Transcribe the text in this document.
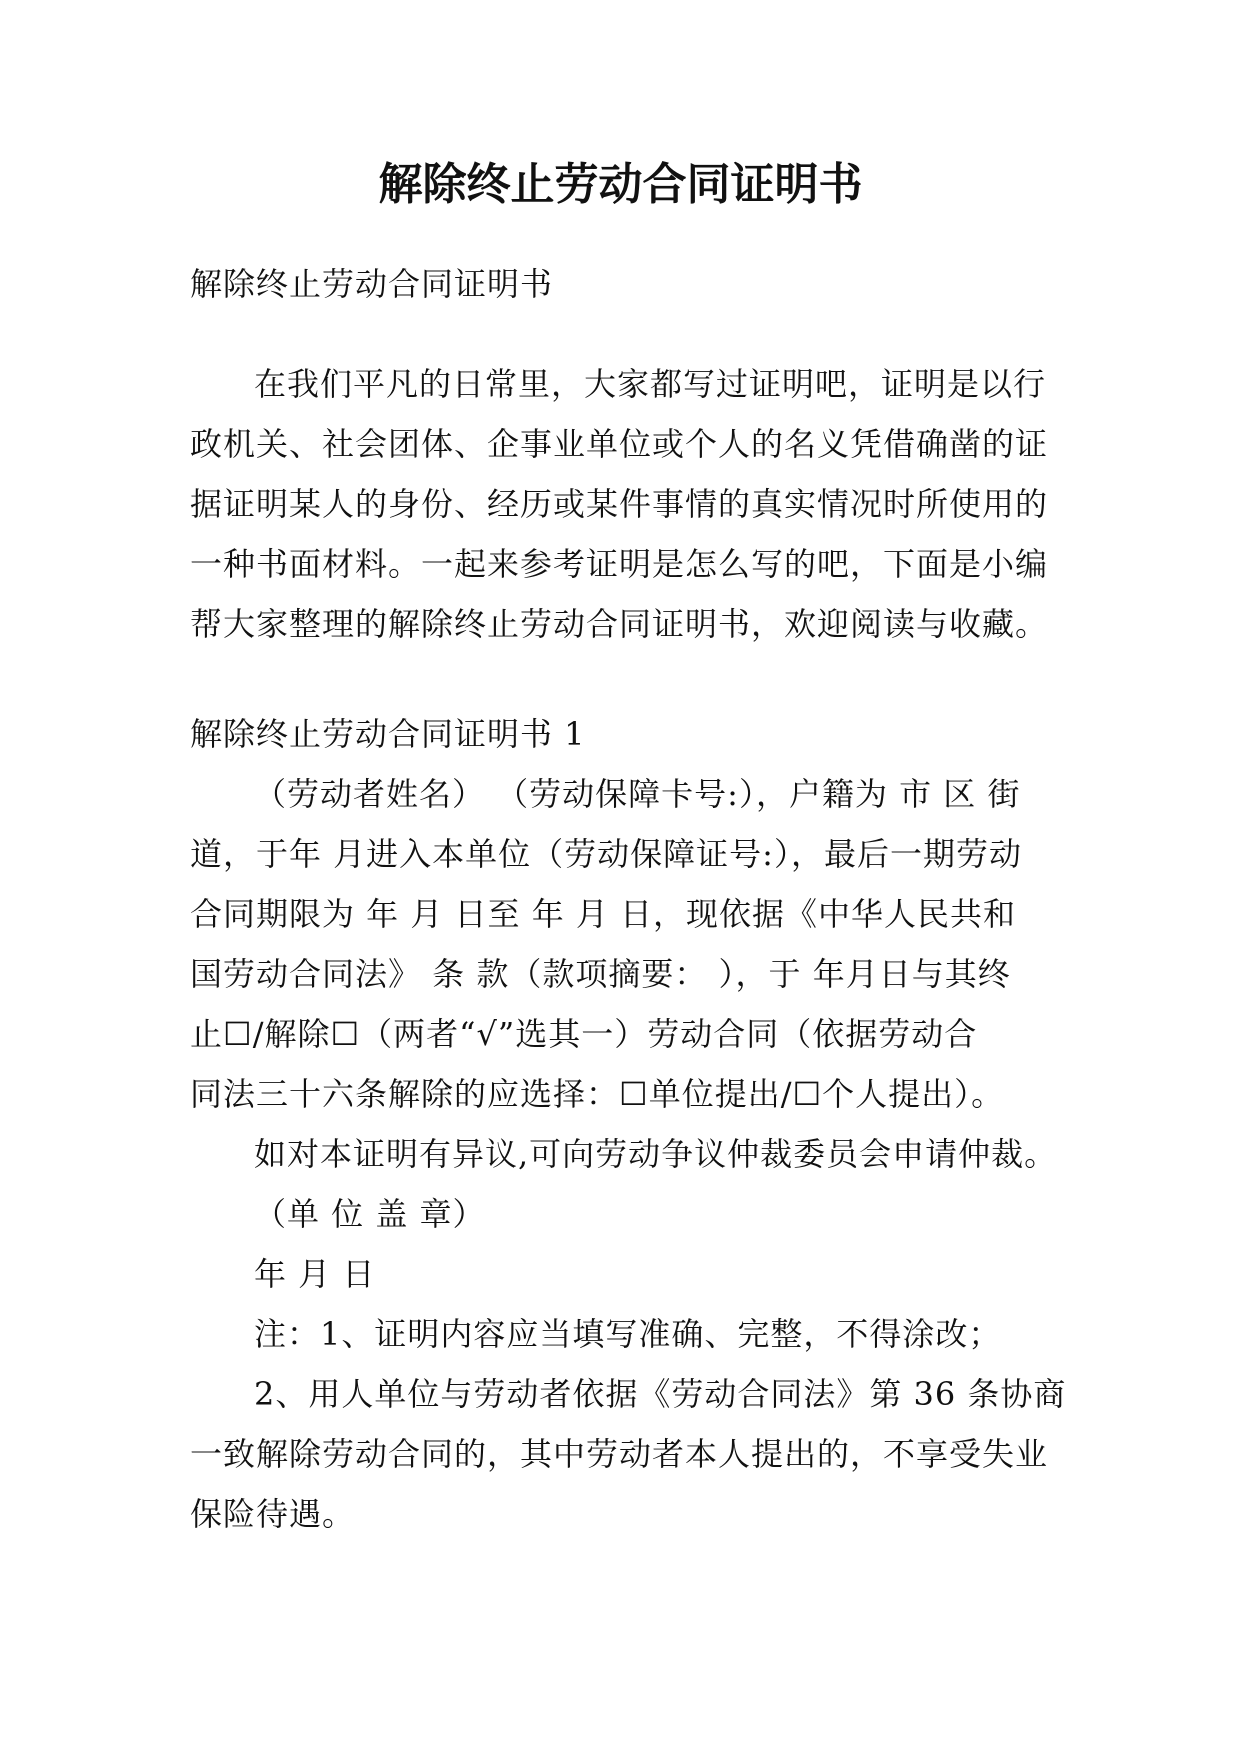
解除终止劳动合同证明书
解除终止劳动合同证明书
在我们平凡的日常里，大家都写过证明吧，证明是以行
政机关、社会团体、企事业单位或个人的名义凭借确凿的证
据证明某人的身份、经历或某件事情的真实情况时所使用的
一种书面材料。一起来参考证明是怎么写的吧，下面是小编
帮大家整理的解除终止劳动合同证明书，欢迎阅读与收藏。
解除终止劳动合同证明书 1
（劳动者姓名） （劳动保障卡号:），户籍为 市 区 街
道，于年 月进入本单位（劳动保障证号:），最后一期劳动
合同期限为 年 月 日至 年 月 日，现依据《中华人民共和
国劳动合同法》 条 款（款项摘要： ），于 年月日与其终
止☐/解除☐（两者“√”选其一）劳动合同（依据劳动合
同法三十六条解除的应选择：☐单位提出/☐个人提出）。
如对本证明有异议,可向劳动争议仲裁委员会申请仲裁。
（单 位 盖 章）
年 月 日
注：1、证明内容应当填写准确、完整，不得涂改；
2、用人单位与劳动者依据《劳动合同法》第 36 条协商
一致解除劳动合同的，其中劳动者本人提出的，不享受失业
保险待遇。
